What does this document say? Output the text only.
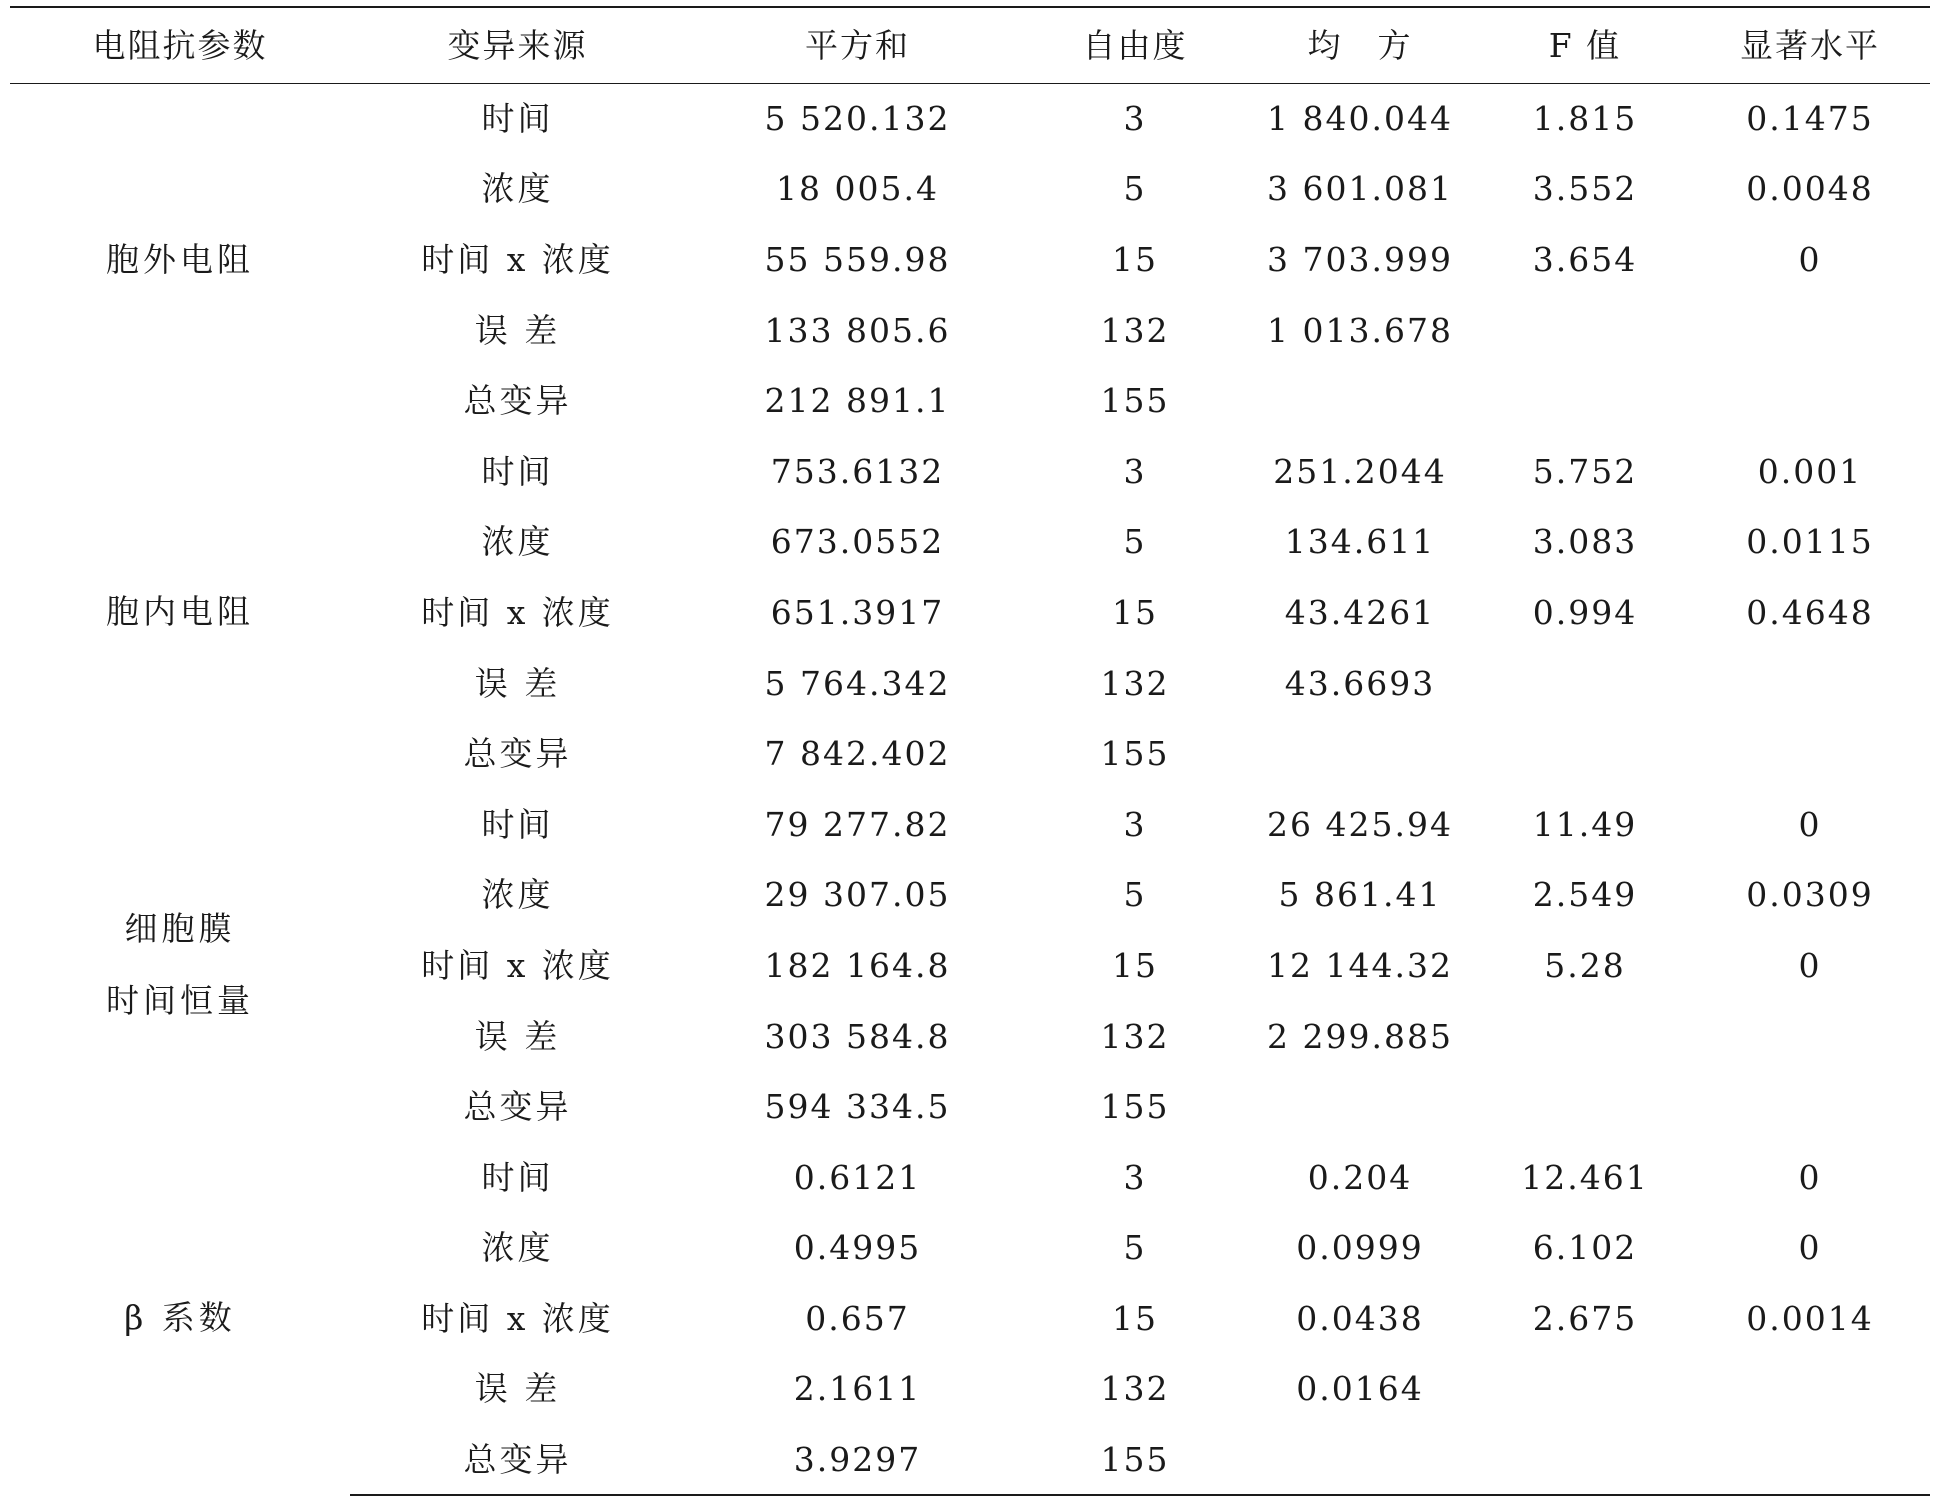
电阻抗参数	变异来源	平方和	自由度	均　方	F 值	显著水平

胞外电阻	时间	5 520.132	3	1 840.044	1.815	0.1475
	浓度	18 005.4	5	3 601.081	3.552	0.0048
	时间 x 浓度	55 559.98	15	3 703.999	3.654	0
	误 差	133 805.6	132	1 013.678		
	总变异	212 891.1	155			

胞内电阻	时间	753.6132	3	251.2044	5.752	0.001
	浓度	673.0552	5	134.611	3.083	0.0115
	时间 x 浓度	651.3917	15	43.4261	0.994	0.4648
	误 差	5 764.342	132	43.6693		
	总变异	7 842.402	155			

细胞膜
时间恒量	时间	79 277.82	3	26 425.94	11.49	0
	浓度	29 307.05	5	5 861.41	2.549	0.0309
	时间 x 浓度	182 164.8	15	12 144.32	5.28	0
	误 差	303 584.8	132	2 299.885		
	总变异	594 334.5	155			

β 系数	时间	0.6121	3	0.204	12.461	0
	浓度	0.4995	5	0.0999	6.102	0
	时间 x 浓度	0.657	15	0.0438	2.675	0.0014
	误 差	2.1611	132	0.0164		
	总变异	3.9297	155			
